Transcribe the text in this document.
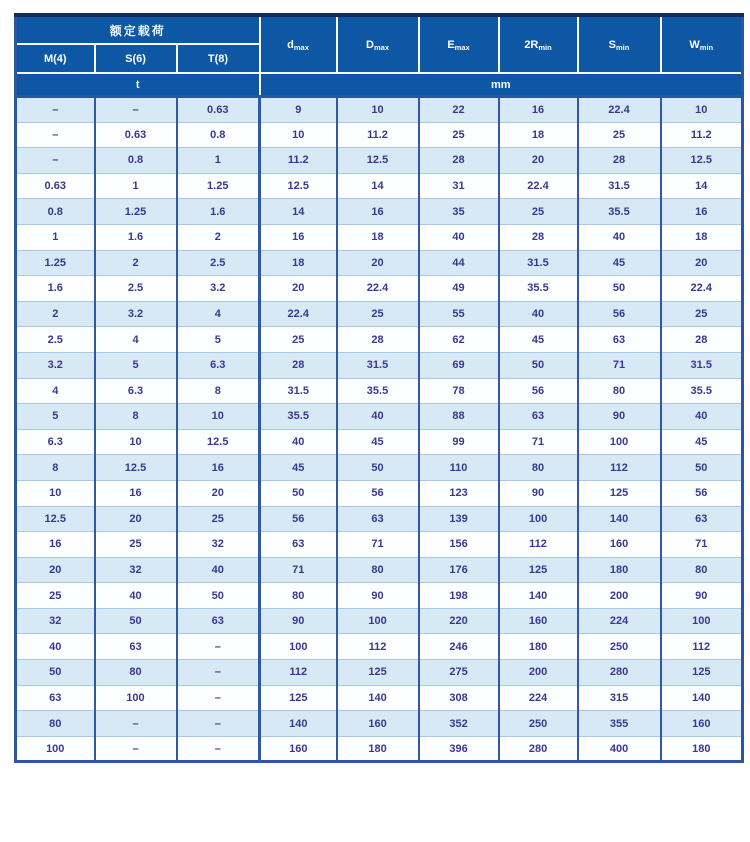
额定载荷			$d_{max}$	$D_{max}$	$E_{max}$	$2R_{min}$	$S_{min}$	$W_{min}$
M(4)	S(6)	T(8)						
t			mm					
–	–	0.63	9	10	22	16	22.4	10
–	0.63	0.8	10	11.2	25	18	25	11.2
–	0.8	1	11.2	12.5	28	20	28	12.5
0.63	1	1.25	12.5	14	31	22.4	31.5	14
0.8	1.25	1.6	14	16	35	25	35.5	16
1	1.6	2	16	18	40	28	40	18
1.25	2	2.5	18	20	44	31.5	45	20
1.6	2.5	3.2	20	22.4	49	35.5	50	22.4
2	3.2	4	22.4	25	55	40	56	25
2.5	4	5	25	28	62	45	63	28
3.2	5	6.3	28	31.5	69	50	71	31.5
4	6.3	8	31.5	35.5	78	56	80	35.5
5	8	10	35.5	40	88	63	90	40
6.3	10	12.5	40	45	99	71	100	45
8	12.5	16	45	50	110	80	112	50
10	16	20	50	56	123	90	125	56
12.5	20	25	56	63	139	100	140	63
16	25	32	63	71	156	112	160	71
20	32	40	71	80	176	125	180	80
25	40	50	80	90	198	140	200	90
32	50	63	90	100	220	160	224	100
40	63	–	100	112	246	180	250	112
50	80	–	112	125	275	200	280	125
63	100	–	125	140	308	224	315	140
80	–	–	140	160	352	250	355	160
100	–	–	160	180	396	280	400	180
